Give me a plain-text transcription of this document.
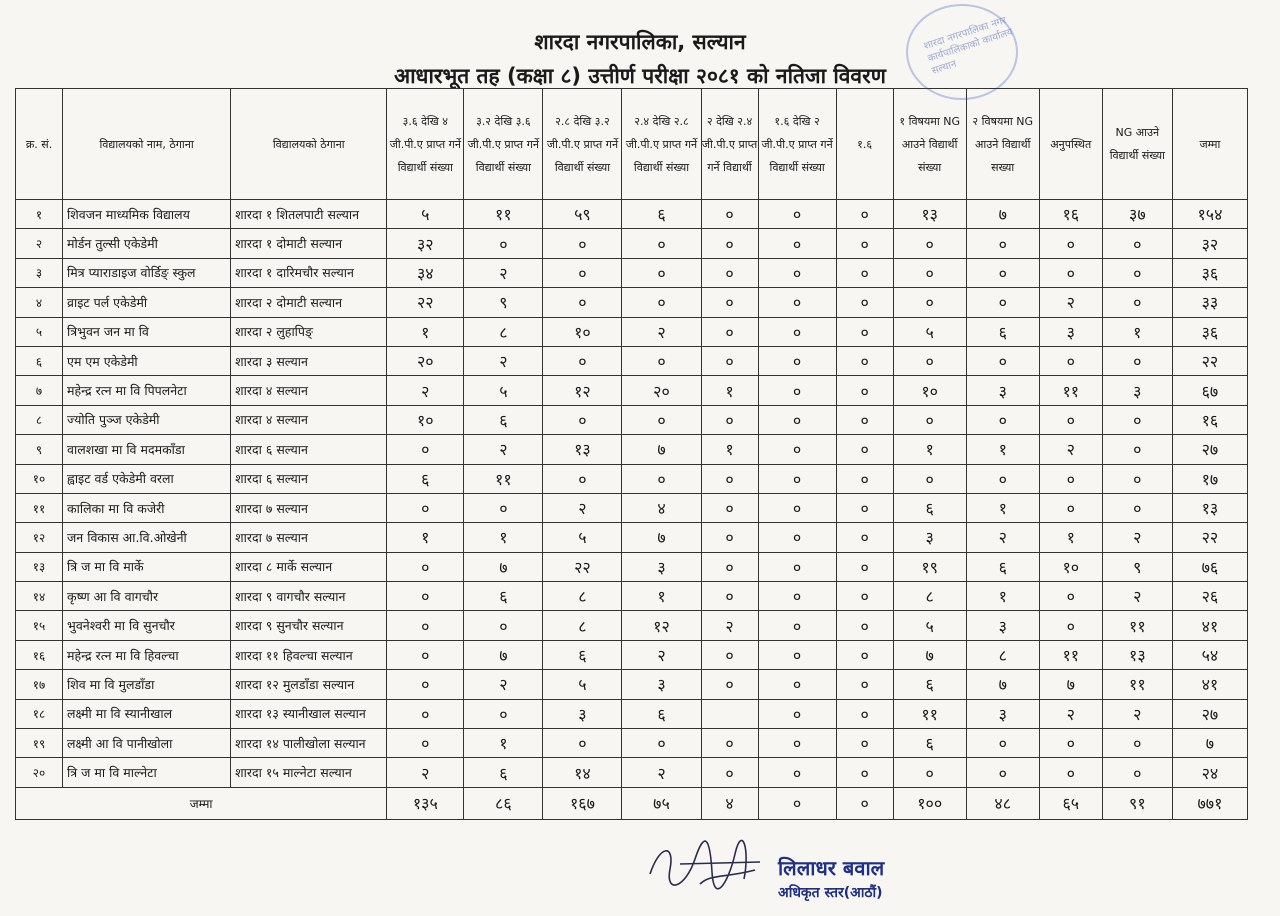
शारदा नगरपालिका नगर कार्यपालिकाको कार्यालय सल्यान
शारदा नगरपालिका, सल्यान
आधारभूत तह (कक्षा ८) उत्तीर्ण परीक्षा २०८१ को नतिजा विवरण
क्र. सं.	विद्यालयको नाम, ठेगाना	विद्यालयको ठेगाना	३.६ देखि ४ जी.पी.ए प्राप्त गर्ने विद्यार्थी संख्या	३.२ देखि ३.६ जी.पी.ए प्राप्त गर्ने विद्यार्थी संख्या	२.८ देखि ३.२ जी.पी.ए प्राप्त गर्ने विद्यार्थी संख्या	२.४ देखि २.८ जी.पी.ए प्राप्त गर्ने विद्यार्थी संख्या	२ देखि २.४ जी.पी.ए प्राप्त गर्ने विद्यार्थी	१.६ देखि २ जी.पी.ए प्राप्त गर्ने विद्यार्थी संख्या	१.६	१ विषयमा NG आउने विद्यार्थी संख्या	२ विषयमा NG आउने विद्यार्थी सख्या	अनुपस्थित	NG आउने विद्यार्थी संख्या	जम्मा
१	शिवजन माध्यमिक विद्यालय	शारदा १ शितलपाटी सल्यान	५	११	५९	६	०	०	०	१३	७	१६	३७	१५४
२	मोर्डन तुल्सी एकेडेमी	शारदा १ दोमाटी सल्यान	३२	०	०	०	०	०	०	०	०	०	०	३२
३	मित्र प्याराडाइज वोर्डिङ् स्कुल	शारदा १ दारिमचौर सल्यान	३४	२	०	०	०	०	०	०	०	०	०	३६
४	व्राइट पर्ल एकेडेमी	शारदा २ दोमाटी सल्यान	२२	९	०	०	०	०	०	०	०	२	०	३३
५	त्रिभुवन जन मा वि	शारदा २ लुहापिङ्	१	८	१०	२	०	०	०	५	६	३	१	३६
६	एम एम एकेडेमी	शारदा ३ सल्यान	२०	२	०	०	०	०	०	०	०	०	०	२२
७	महेन्द्र रत्न मा वि पिपलनेटा	शारदा ४ सल्यान	२	५	१२	२०	१	०	०	१०	३	११	३	६७
८	ज्योति पुञ्ज एकेडेमी	शारदा ४ सल्यान	१०	६	०	०	०	०	०	०	०	०	०	१६
९	वालशखा मा वि मदमकाँडा	शारदा ६ सल्यान	०	२	१३	७	१	०	०	१	१	२	०	२७
१०	ह्वाइट वर्ड एकेडेमी वरला	शारदा ६ सल्यान	६	११	०	०	०	०	०	०	०	०	०	१७
११	कालिका मा वि कजेरी	शारदा ७ सल्यान	०	०	२	४	०	०	०	६	१	०	०	१३
१२	जन विकास आ.वि.ओखेनी	शारदा ७ सल्यान	१	१	५	७	०	०	०	३	२	१	२	२२
१३	त्रि ज मा वि मार्के	शारदा ८ मार्के सल्यान	०	७	२२	३	०	०	०	१९	६	१०	९	७६
१४	कृष्ण आ वि वागचौर	शारदा ९ वागचौर सल्यान	०	६	८	१	०	०	०	८	१	०	२	२६
१५	भुवनेश्वरी मा वि सुनचौर	शारदा ९ सुनचौर सल्यान	०	०	८	१२	२	०	०	५	३	०	११	४१
१६	महेन्द्र रत्न मा वि हिवल्चा	शारदा ११ हिवल्चा सल्यान	०	७	६	२	०	०	०	७	८	११	१३	५४
१७	शिव मा वि मुलडाँडा	शारदा १२ मुलडाँडा सल्यान	०	२	५	३	०	०	०	६	७	७	११	४१
१८	लक्ष्मी मा वि स्यानीखाल	शारदा १३ स्यानीखाल सल्यान	०	०	३	६		०	०	११	३	२	२	२७
१९	लक्ष्मी आ वि पानीखोला	शारदा १४ पालीखोला सल्यान	०	१	०	०	०	०	०	६	०	०	०	७
२०	त्रि ज मा वि माल्नेटा	शारदा १५ माल्नेटा सल्यान	२	६	१४	२	०	०	०	०	०	०	०	२४
जम्मा			१३५	८६	१६७	७५	४	०	०	१००	४८	६५	९१	७७१
लिलाधर बवाल
अधिकृत स्तर(आठौं)
